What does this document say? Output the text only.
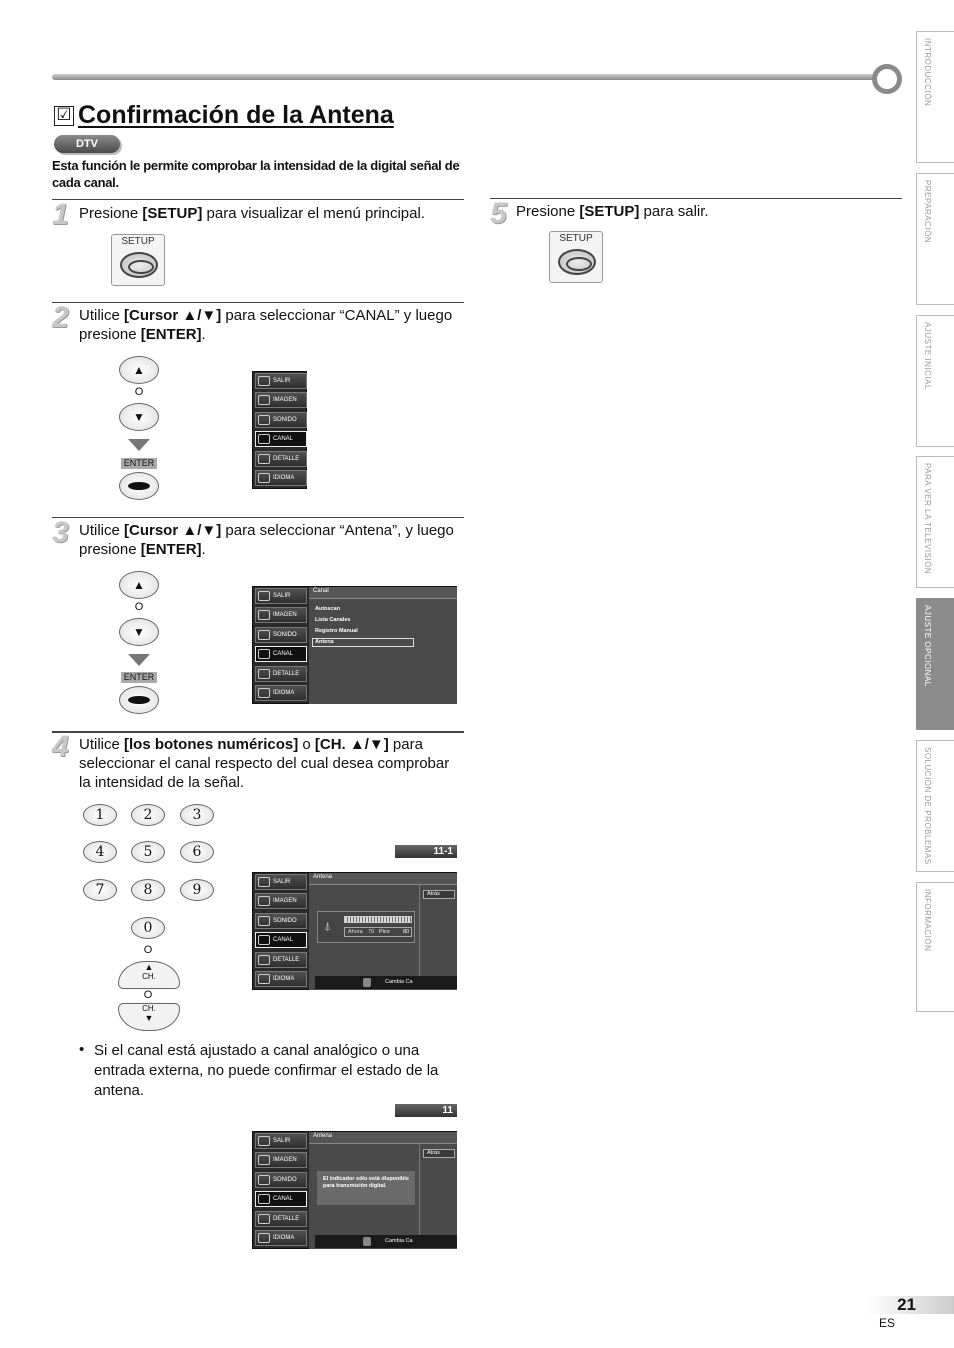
☑ Confirmación de la Antena
DTV
Esta función le permite comprobar la intensidad de la digital señal de cada canal.
1 Presione [SETUP] para visualizar el menú principal.
SETUP
2 Utilice [Cursor ▲/▼] para seleccionar “CANAL” y luego presione [ENTER].
▲
O
▼
ENTER
SALIR
IMAGEN
SONIDO
CANAL
DETALLE
IDIOMA
3 Utilice [Cursor ▲/▼] para seleccionar “Antena”, y luego presione [ENTER].
▲
O
▼
ENTER
SALIR
IMAGEN
SONIDO
CANAL
DETALLE
IDIOMA
Canal
Autoscan
Lista Canales
Registro Manual
Antena
4 Utilice [los botones numéricos] o [CH. ▲/▼] para seleccionar el canal respecto del cual desea comprobar la intensidad de la señal.
1	2	3
4	5	6
7	8	9
0
O
▲
CH.
O
CH.
▼
11-1
SALIR
IMAGEN
SONIDO
CANAL
DETALLE
IDIOMA
Antena
Atrás
⍋	Ahora 70 Pico 80
Cambia Ca
• Si el canal está ajustado a canal analógico o una entrada externa, no puede confirmar el estado de la antena.
11
SALIR
IMAGEN
SONIDO
CANAL
DETALLE
IDIOMA
Antena
Atrás
El indicador sólo está disponible para transmisión digital.
Cambia Ca
5 Presione [SETUP] para salir.
SETUP
INTRODUCCIÓN
PREPARACIÓN
AJUSTE INICIAL
PARA VER LA TELEVISIÓN
AJUSTE OPCIONAL
SOLUCIÓN DE PROBLEMAS
INFORMACIÓN
21
ES
